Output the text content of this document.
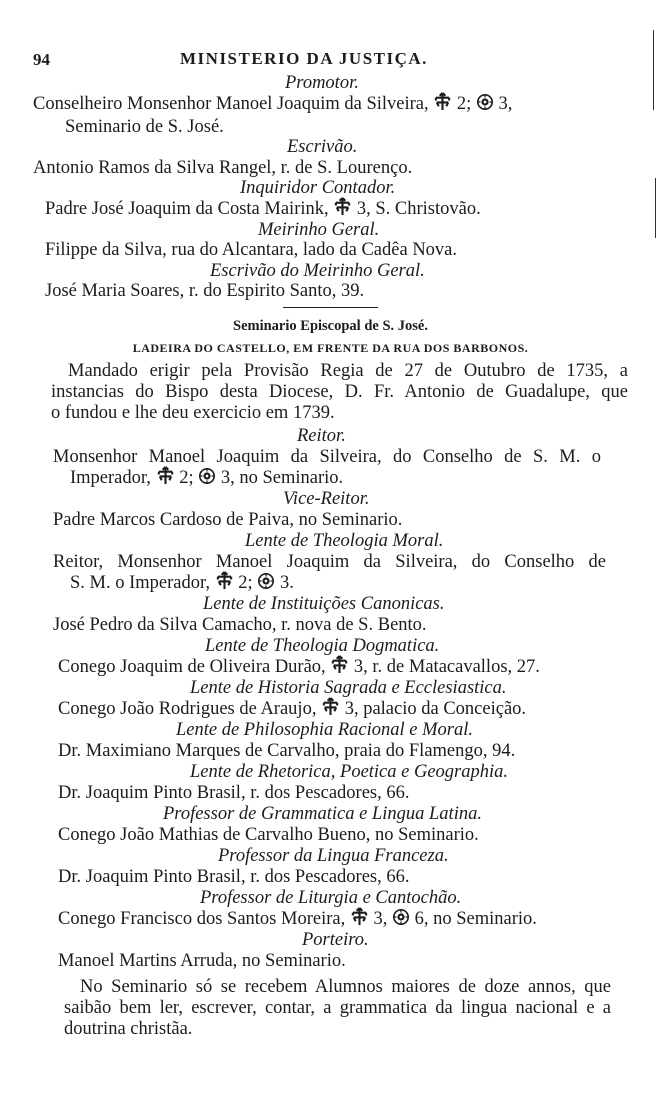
94	MINISTERIO DA JUSTIÇA.
Promotor.
Conselheiro Monsenhor Manoel Joaquim da Silveira, 2; 3,
Seminario de S. José.
Escrivão.
Antonio Ramos da Silva Rangel, r. de S. Lourenço.
Inquiridor Contador.
Padre José Joaquim da Costa Mairink, 3, S. Christovão.
Meirinho Geral.
Filippe da Silva, rua do Alcantara, lado da Cadêa Nova.
Escrivão do Meirinho Geral.
José Maria Soares, r. do Espirito Santo, 39.
Seminario Episcopal de S. José.
LADEIRA DO CASTELLO, EM FRENTE DA RUA DOS BARBONOS.
Mandado erigir pela Provisão Regia de 27 de Outubro de 1735, a
instancias do Bispo desta Diocese, D. Fr. Antonio de Guadalupe, que
o fundou e lhe deu exercicio em 1739.
Reitor.
Monsenhor Manoel Joaquim da Silveira, do Conselho de S. M. o
Imperador, 2; 3, no Seminario.
Vice-Reitor.
Padre Marcos Cardoso de Paiva, no Seminario.
Lente de Theologia Moral.
Reitor, Monsenhor Manoel Joaquim da Silveira, do Conselho de
S. M. o Imperador, 2; 3.
Lente de Instituições Canonicas.
José Pedro da Silva Camacho, r. nova de S. Bento.
Lente de Theologia Dogmatica.
Conego Joaquim de Oliveira Durão, 3, r. de Matacavallos, 27.
Lente de Historia Sagrada e Ecclesiastica.
Conego João Rodrigues de Araujo, 3, palacio da Conceição.
Lente de Philosophia Racional e Moral.
Dr. Maximiano Marques de Carvalho, praia do Flamengo, 94.
Lente de Rhetorica, Poetica e Geographia.
Dr. Joaquim Pinto Brasil, r. dos Pescadores, 66.
Professor de Grammatica e Lingua Latina.
Conego João Mathias de Carvalho Bueno, no Seminario.
Professor da Lingua Franceza.
Dr. Joaquim Pinto Brasil, r. dos Pescadores, 66.
Professor de Liturgia e Cantochão.
Conego Francisco dos Santos Moreira, 3, 6, no Seminario.
Porteiro.
Manoel Martins Arruda, no Seminario.
No Seminario só se recebem Alumnos maiores de doze annos, que
saibão bem ler, escrever, contar, a grammatica da lingua nacional e a
doutrina christãa.
